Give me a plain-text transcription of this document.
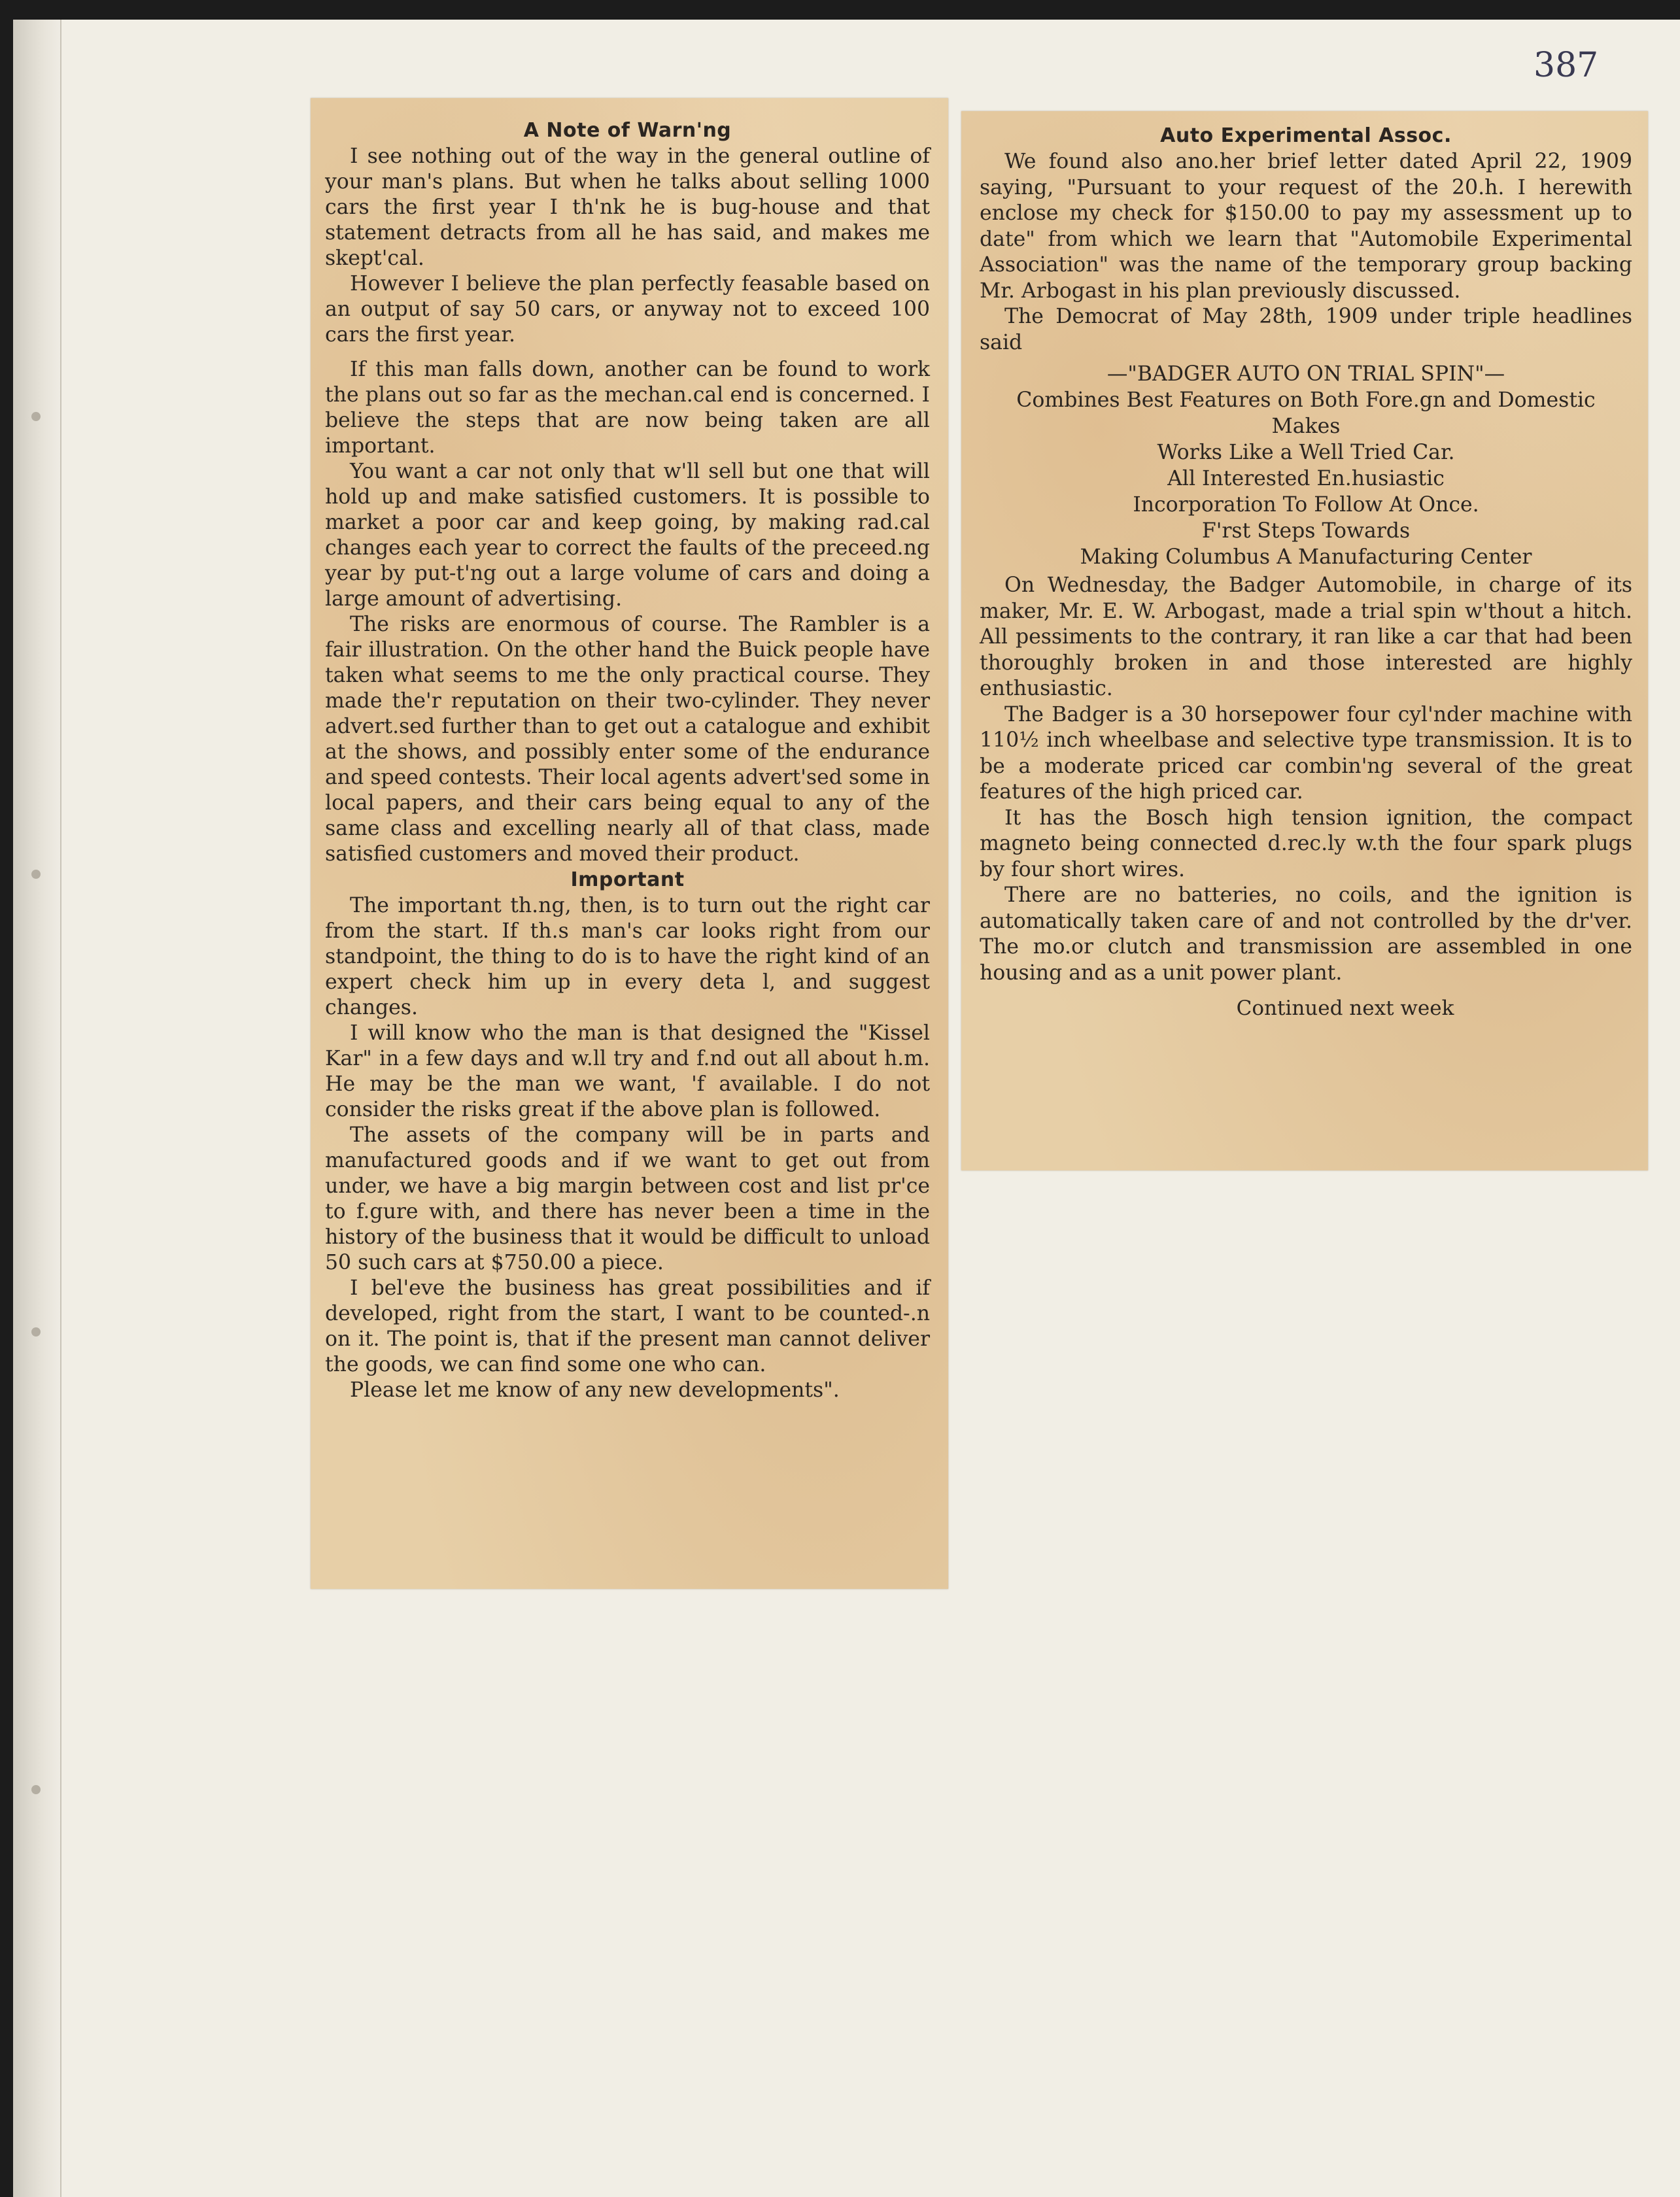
387
A Note of Warn'ng

I see nothing out of the way in the general outline of your man's plans. But when he talks about selling 1000 cars the first year I th'nk he is bug-house and that statement detracts from all he has said, and makes me skept'cal.

However I believe the plan perfectly feasable based on an output of say 50 cars, or anyway not to exceed 100 cars the first year.

If this man falls down, another can be found to work the plans out so far as the mechan.cal end is concerned. I believe the steps that are now being taken are all important.

You want a car not only that w'll sell but one that will hold up and make satisfied customers. It is possible to market a poor car and keep going, by making rad.cal changes each year to correct the faults of the preceed.ng year by put-t'ng out a large volume of cars and doing a large amount of advertising.

The risks are enormous of course. The Rambler is a fair illustration. On the other hand the Buick people have taken what seems to me the only practical course. They made the'r reputation on their two-cylinder. They never advert.sed further than to get out a catalogue and exhibit at the shows, and possibly enter some of the endurance and speed contests. Their local agents advert'sed some in local papers, and their cars being equal to any of the same class and excelling nearly all of that class, made satisfied customers and moved their product.

Important

The important th.ng, then, is to turn out the right car from the start. If th.s man's car looks right from our standpoint, the thing to do is to have the right kind of an expert check him up in every deta l, and suggest changes.

I will know who the man is that designed the "Kissel Kar" in a few days and w.ll try and f.nd out all about h.m. He may be the man we want, 'f available. I do not consider the risks great if the above plan is followed.

The assets of the company will be in parts and manufactured goods and if we want to get out from under, we have a big margin between cost and list pr'ce to f.gure with, and there has never been a time in the history of the business that it would be difficult to unload 50 such cars at $750.00 a piece.

I bel'eve the business has great possibilities and if developed, right from the start, I want to be counted-.n on it. The point is, that if the present man cannot deliver the goods, we can find some one who can.

Please let me know of any new developments".

Auto Experimental Assoc.

We found also ano.her brief letter dated April 22, 1909 saying, "Pursuant to your request of the 20.h. I herewith enclose my check for $150.00 to pay my assessment up to date" from which we learn that "Automobile Experimental Association" was the name of the temporary group backing Mr. Arbogast in his plan previously discussed.

The Democrat of May 28th, 1909 under triple headlines said

—"BADGER AUTO ON TRIAL SPIN"—
Combines Best Features on Both Fore.gn and Domestic Makes
Works Like a Well Tried Car.
All Interested En.husiastic
Incorporation To Follow At Once.
F'rst Steps Towards
Making Columbus A Manufacturing Center

On Wednesday, the Badger Automobile, in charge of its maker, Mr. E. W. Arbogast, made a trial spin w'thout a hitch. All pessiments to the contrary, it ran like a car that had been thoroughly broken in and those interested are highly enthusiastic.

The Badger is a 30 horsepower four cyl'nder machine with 110½ inch wheelbase and selective type transmission. It is to be a moderate priced car combin'ng several of the great features of the high priced car.

It has the Bosch high tension ignition, the compact magneto being connected d.rec.ly w.th the four spark plugs by four short wires.

There are no batteries, no coils, and the ignition is automatically taken care of and not controlled by the dr'ver. The mo.or clutch and transmission are assembled in one housing and as a unit power plant.

Continued next week
